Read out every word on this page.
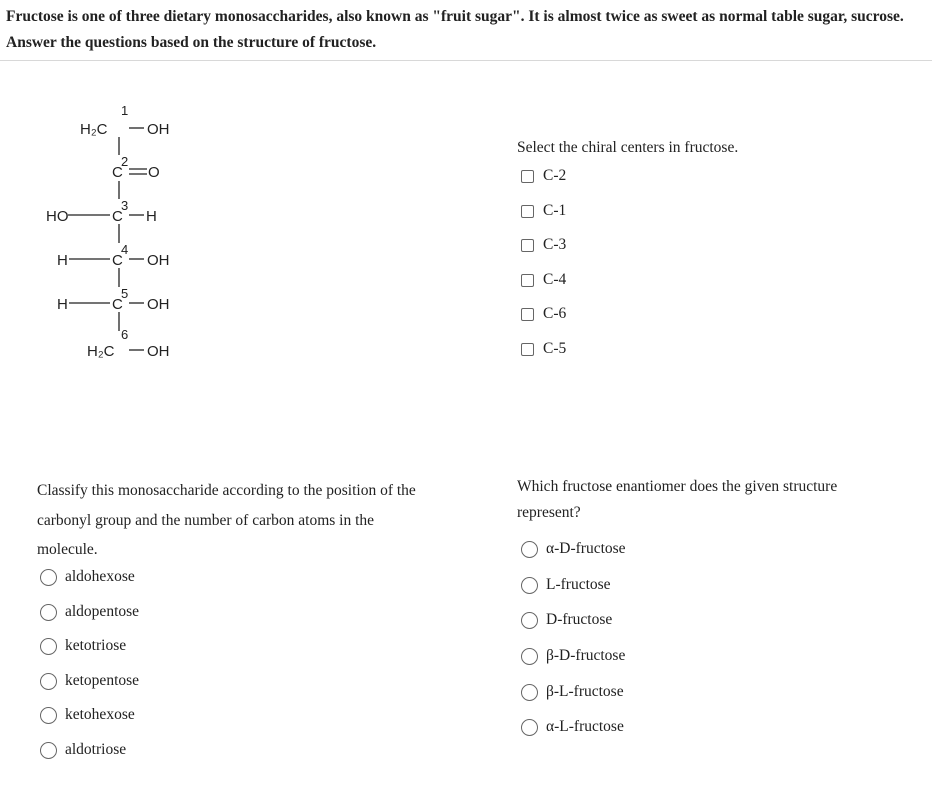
Fructose is one of three dietary monosaccharides, also known as "fruit sugar". It is almost twice as sweet as normal table sugar, sucrose. Answer the questions based on the structure of fructose.
H₂C	OH
C O
HO	C H
H	C OH
H	C OH
H₂C OH
1
2
3
4
5
6
Select the chiral centers in fructose.
C-2
C-1
C-3
C-4
C-6
C-5
Classify this monosaccharide according to the position of the carbonyl group and the number of carbon atoms in the molecule.
aldohexose
aldopentose
ketotriose
ketopentose
ketohexose
aldotriose
Which fructose enantiomer does the given structure represent?
α-D-fructose
L-fructose
D-fructose
β-D-fructose
β-L-fructose
α-L-fructose
